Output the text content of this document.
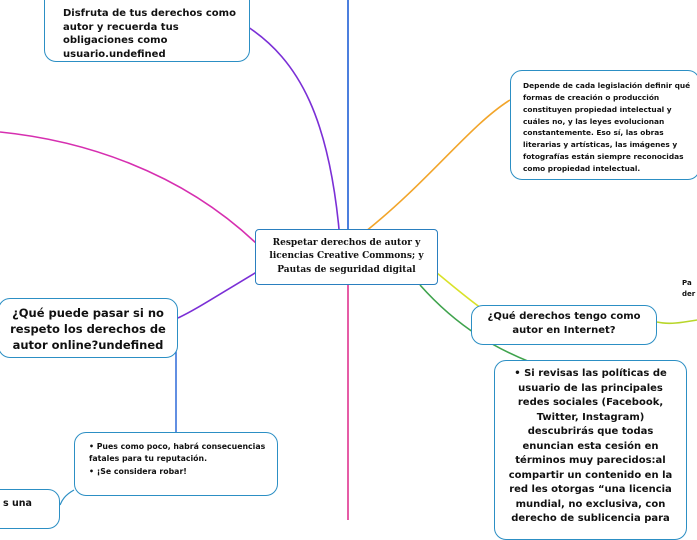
Respetar derechos de autor y licencias Creative Commons; y Pautas de seguridad digital
Disfruta de tus derechos como autor y recuerda tus obligaciones como usuario.undefined
Depende de cada legislación definir qué formas de creación o producción constituyen propiedad intelectual y cuáles no, y las leyes evolucionan constantemente. Eso sí, las obras literarias y artísticas, las imágenes y fotografías están siempre reconocidas como propiedad intelectual.
¿Qué derechos tengo como autor en Internet?
¿Qué puede pasar si no respeto los derechos de autor online?undefined
• Pues como poco, habrá consecuencias fatales para tu reputación.
• ¡Se considera robar!
• Si revisas las políticas de usuario de las principales redes sociales (Facebook, Twitter, Instagram) descubrirás que todas enuncian esta cesión en términos muy parecidos:al compartir un contenido en la red les otorgas “una licencia mundial, no exclusiva, con derecho de sublicencia para
s una
Pa
der
